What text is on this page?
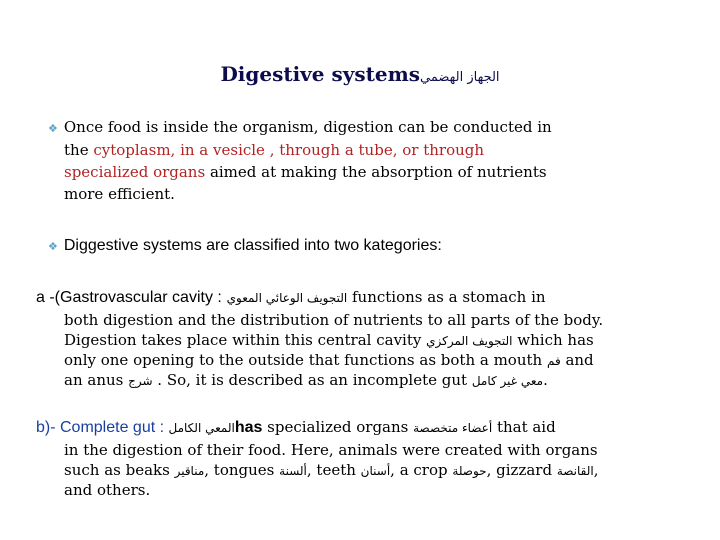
Digestive systemsالجهاز الهضمي
❖ Once food is inside the organism, digestion can be conducted in
the cytoplasm, in a vesicle , through a tube, or through
specialized organs aimed at making the absorption of nutrients
more efficient.
❖ Diggestive systems are classified into two kategories:
a -(Gastrovascular cavity : التجويف الوعائي المعوي functions as a stomach in
both digestion and the distribution of nutrients to all parts of the body.
Digestion takes place within this central cavity التجويف المركزي which has
only one opening to the outside that functions as both a mouth فم and
an anus شرج . So, it is described as an incomplete gut معي غير كامل.
b)- Complete gut : المعي الكاملhas specialized organs أعضاء متخصصة that aid
in the digestion of their food. Here, animals were created with organs
such as beaks مناقير, tongues ألسنة, teeth أسنان, a crop حوصلة, gizzard القانصة,
and others.
